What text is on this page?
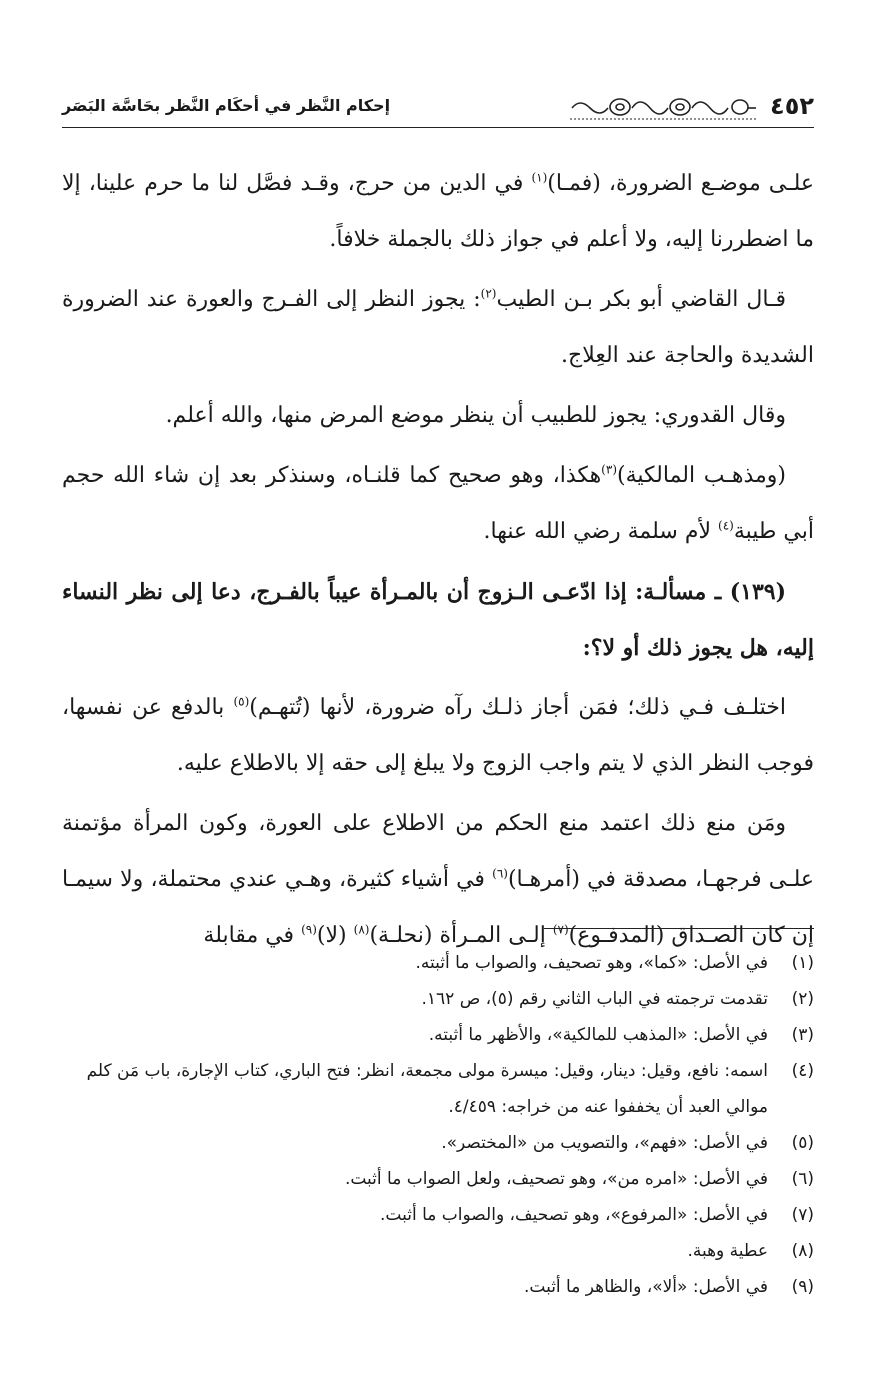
٤٥٢
إحكام النَّظر في أحكَام النَّظر بحَاسَّة البَصَر

علـى موضـع الضرورة، (فمـا)$^{(١)}$ في الدين من حرج، وقـد فصَّل لنا ما حرم علينا، إلا ما اضطررنا إليه، ولا أعلم في جواز ذلك بالجملة خلافاً.

قـال القاضي أبو بكر بـن الطيب$^{(٢)}$: يجوز النظر إلى الفـرج والعورة عند الضرورة الشديدة والحاجة عند العِلاج.

وقال القدوري: يجوز للطبيب أن ينظر موضع المرض منها، والله أعلم.

(ومذهـب المالكية)$^{(٣)}$هكذا، وهو صحيح كما قلنـاه، وسنذكر بعد إن شاء الله حجم أبي طيبة$^{(٤)}$ لأم سلمة رضي الله عنها.

(١٣٩) ـ مسألـة: إذا ادّعـى الـزوج أن بالمـرأة عيباً بالفـرج، دعا إلى نظر النساء إليه، هل يجوز ذلك أو لا؟:

اختلـف فـي ذلك؛ فمَن أجاز ذلـك رآه ضرورة، لأنها (تُتهـم)$^{(٥)}$ بالدفع عن نفسها، فوجب النظر الذي لا يتم واجب الزوج ولا يبلغ إلى حقه إلا بالاطلاع عليه.

ومَن منع ذلك اعتمد منع الحكم من الاطلاع على العورة، وكون المرأة مؤتمنة علـى فرجهـا، مصدقة في (أمرهـا)$^{(٦)}$ في أشياء كثيرة، وهـي عندي محتملة، ولا سيمـا إن كان الصـداق (المدفـوع)$^{(٧)}$ إلـى المـرأة (نحلـة)$^{(٨)}$ (لا)$^{(٩)}$ في مقابلة

(١)
في الأصل: «كما»، وهو تصحيف، والصواب ما أثبته.
(٢)
تقدمت ترجمته في الباب الثاني رقم (٥)، ص ١٦٢.
(٣)
في الأصل: «المذهب للمالكية»، والأظهر ما أثبته.
(٤)
اسمه: نافع، وقيل: دينار، وقيل: ميسرة مولى مجمعة، انظر: فتح الباري، كتاب الإجارة، باب مَن كلم موالي العبد أن يخففوا عنه من خراجه: ٤/٤٥٩.
(٥)
في الأصل: «فهم»، والتصويب من «المختصر».
(٦)
في الأصل: «امره من»، وهو تصحيف، ولعل الصواب ما أثبت.
(٧)
في الأصل: «المرفوع»، وهو تصحيف، والصواب ما أثبت.
(٨)
عطية وهبة.
(٩)
في الأصل: «ألا»، والظاهر ما أثبت.
